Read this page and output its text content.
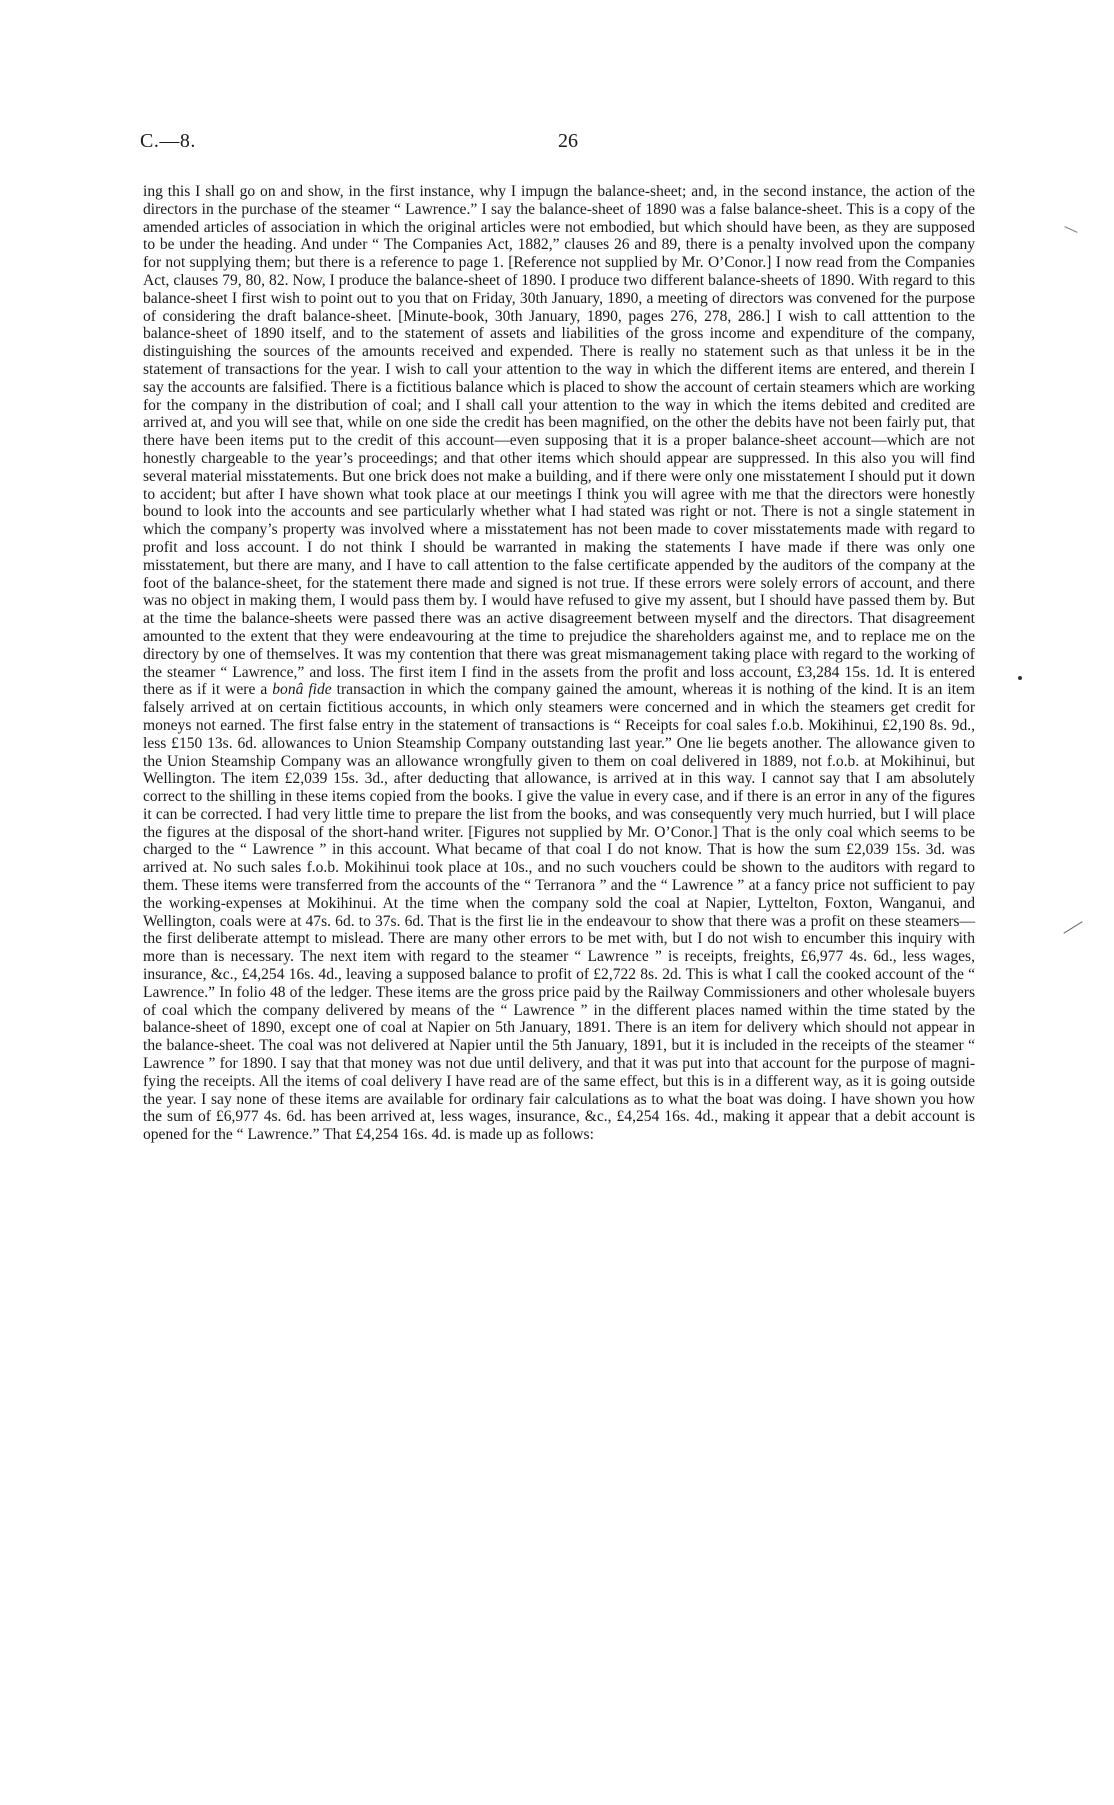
C.—8.	26

ing this I shall go on and show, in the first instance, why I impugn the balance-sheet; and, in the second instance, the action of the directors in the purchase of the steamer “ Lawrence.” I say the balance-sheet of 1890 was a false balance-sheet. This is a copy of the amended articles of association in which the original articles were not embodied, but which should have been, as they are supposed to be under the heading. And under “ The Companies Act, 1882,” clauses 26 and 89, there is a penalty involved upon the company for not supplying them; but there is a reference to page 1. [Reference not supplied by Mr. O’Conor.] I now read from the Companies Act, clauses 79, 80, 82. Now, I produce the balance-sheet of 1890. I produce two different balance-sheets of 1890. With regard to this balance-sheet I first wish to point out to you that on Friday, 30th January, 1890, a meeting of directors was convened for the purpose of considering the draft balance-sheet. [Minute-book, 30th January, 1890, pages 276, 278, 286.] I wish to call atttention to the balance-sheet of 1890 itself, and to the statement of assets and liabilities of the gross income and expenditure of the company, distinguishing the sources of the amounts received and expended. There is really no statement such as that unless it be in the statement of transactions for the year. I wish to call your attention to the way in which the different items are entered, and therein I say the accounts are falsified. There is a fictitious balance which is placed to show the account of certain steamers which are working for the company in the distribution of coal; and I shall call your attention to the way in which the items debited and credited are arrived at, and you will see that, while on one side the credit has been magnified, on the other the debits have not been fairly put, that there have been items put to the credit of this account—even supposing that it is a proper balance-sheet account—which are not honestly chargeable to the year’s proceedings; and that other items which should appear are suppressed. In this also you will find several material misstatements. But one brick does not make a building, and if there were only one misstatement I should put it down to accident; but after I have shown what took place at our meetings I think you will agree with me that the directors were honestly bound to look into the accounts and see particularly whether what I had stated was right or not. There is not a single statement in which the company’s property was involved where a misstatement has not been made to cover misstatements made with regard to profit and loss account. I do not think I should be warranted in making the statements I have made if there was only one misstatement, but there are many, and I have to call attention to the false certificate appended by the auditors of the company at the foot of the balance-sheet, for the statement there made and signed is not true. If these errors were solely errors of account, and there was no object in making them, I would pass them by. I would have refused to give my assent, but I should have passed them by. But at the time the balance-sheets were passed there was an active disagreement between myself and the directors. That disagreement amounted to the extent that they were endeavouring at the time to prejudice the shareholders against me, and to replace me on the directory by one of themselves. It was my contention that there was great mismanagement taking place with regard to the working of the steamer “ Lawrence,” and loss. The first item I find in the assets from the profit and loss account, £3,284 15s. 1d. It is entered there as if it were a bonâ fide transaction in which the company gained the amount, whereas it is nothing of the kind. It is an item falsely arrived at on certain fictitious accounts, in which only steamers were concerned and in which the steamers get credit for moneys not earned. The first false entry in the statement of transactions is “ Receipts for coal sales f.o.b. Mokihinui, £2,190 8s. 9d., less £150 13s. 6d. allowances to Union Steamship Company outstanding last year.” One lie begets another. The allowance given to the Union Steamship Company was an allowance wrongfully given to them on coal delivered in 1889, not f.o.b. at Mokihinui, but Wellington. The item £2,039 15s. 3d., after deducting that allowance, is arrived at in this way. I cannot say that I am absolutely correct to the shilling in these items copied from the books. I give the value in every case, and if there is an error in any of the figures it can be corrected. I had very little time to prepare the list from the books, and was consequently very much hurried, but I will place the figures at the disposal of the short-hand writer. [Figures not supplied by Mr. O’Conor.] That is the only coal which seems to be charged to the “ Lawrence ” in this account. What became of that coal I do not know. That is how the sum £2,039 15s. 3d. was arrived at. No such sales f.o.b. Mokihinui took place at 10s., and no such vouchers could be shown to the auditors with regard to them. These items were transferred from the accounts of the “ Terranora ” and the “ Lawrence ” at a fancy price not sufficient to pay the working-expenses at Mokihinui. At the time when the company sold the coal at Napier, Lyttelton, Foxton, Wanganui, and Wellington, coals were at 47s. 6d. to 37s. 6d. That is the first lie in the endeavour to show that there was a profit on these steamers—the first deliberate attempt to mislead. There are many other errors to be met with, but I do not wish to encumber this inquiry with more than is necessary. The next item with regard to the steamer “ Lawrence ” is receipts, freights, £6,977 4s. 6d., less wages, insurance, &c., £4,254 16s. 4d., leaving a supposed balance to profit of £2,722 8s. 2d. This is what I call the cooked account of the “ Lawrence.” In folio 48 of the ledger. These items are the gross price paid by the Railway Commissioners and other wholesale buyers of coal which the company delivered by means of the “ Lawrence ” in the different places named within the time stated by the balance-sheet of 1890, except one of coal at Napier on 5th January, 1891. There is an item for delivery which should not appear in the balance-sheet. The coal was not delivered at Napier until the 5th January, 1891, but it is included in the receipts of the steamer “ Lawrence ” for 1890. I say that that money was not due until delivery, and that it was put into that account for the purpose of magni-fying the receipts. All the items of coal delivery I have read are of the same effect, but this is in a different way, as it is going outside the year. I say none of these items are available for ordinary fair calculations as to what the boat was doing. I have shown you how the sum of £6,977 4s. 6d. has been arrived at, less wages, insurance, &c., £4,254 16s. 4d., making it appear that a debit account is opened for the “ Lawrence.” That £4,254 16s. 4d. is made up as follows:
